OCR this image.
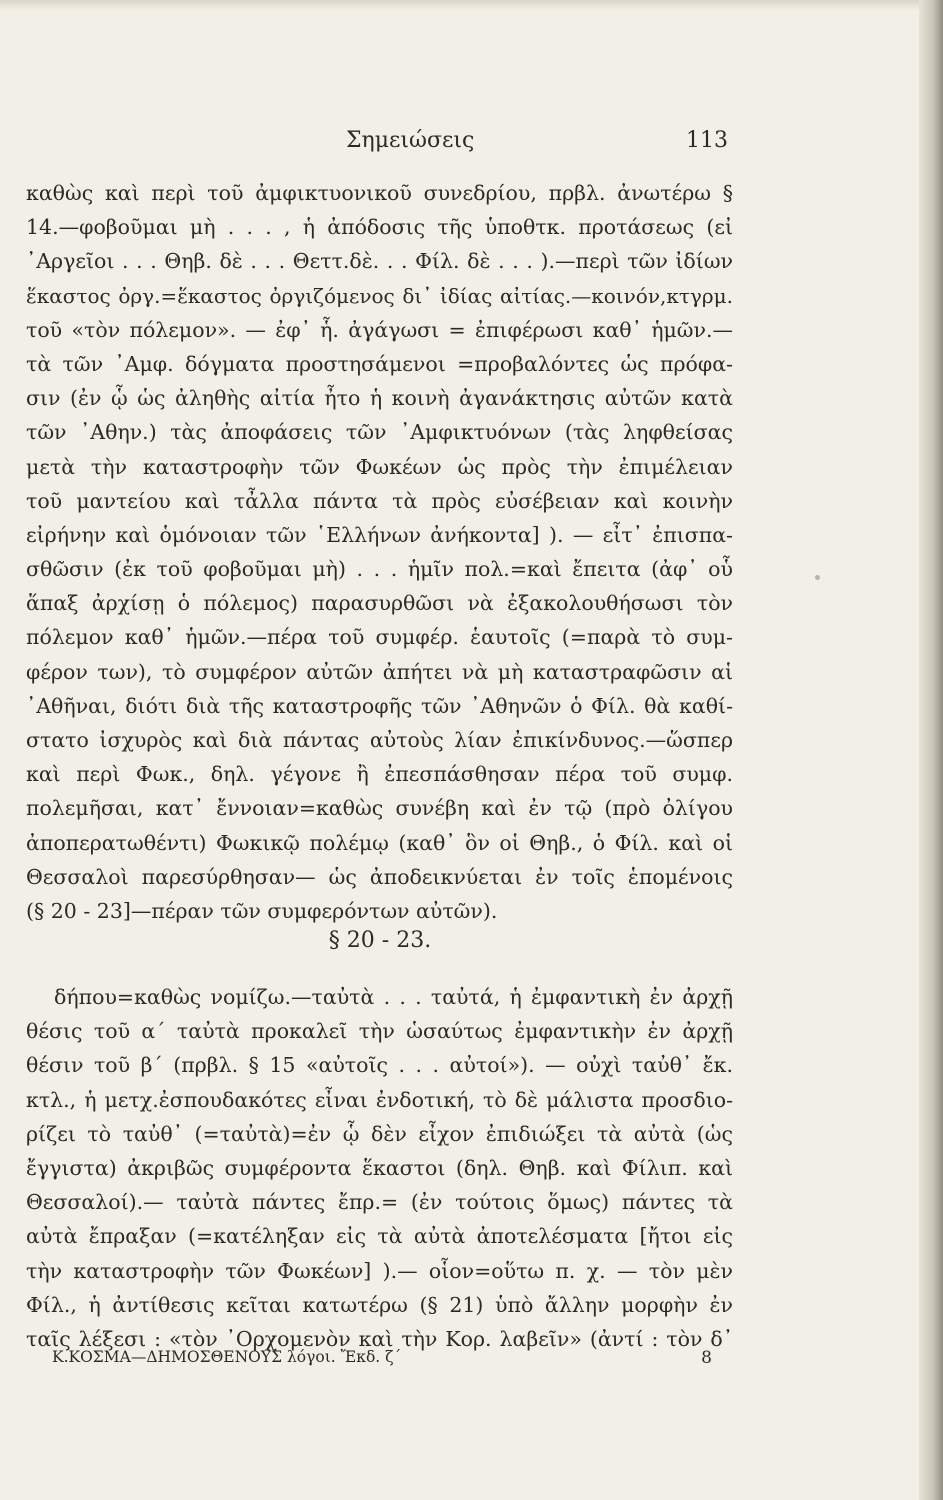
Σημειώσεις	113
καθὼς καὶ περὶ τοῦ ἀμφικτυονικοῦ συνεδρίου, πρβλ. ἀνωτέρω §
14.—φοβοῦμαι μὴ . . . , ἡ ἀπόδοσις τῆς ὑποθτκ. προτάσεως (εἰ
᾿Αργεῖοι . . . Θηβ. δὲ . . . Θεττ.δὲ. . . Φίλ. δὲ . . . ).—περὶ τῶν ἰδίων
ἕκαστος ὀργ.=ἕκαστος ὀργιζόμενος δι᾿ ἰδίας αἰτίας.—κοινόν,κτγρμ.
τοῦ «τὸν πόλεμον». — ἐφ᾿ ἧ. ἀγάγωσι = ἐπιφέρωσι καθ᾿ ἡμῶν.—
τὰ τῶν ᾿Αμφ. δόγματα προστησάμενοι =προβαλόντες ὡς πρόφα-
σιν (ἐν ᾧ ὡς ἀληθὴς αἰτία ἦτο ἡ κοινὴ ἀγανάκτησις αὐτῶν κατὰ
τῶν ᾿Αθην.) τὰς ἀποφάσεις τῶν ᾿Αμφικτυόνων (τὰς ληφθείσας
μετὰ τὴν καταστροφὴν τῶν Φωκέων ὡς πρὸς τὴν ἐπιμέλειαν
τοῦ μαντείου καὶ τἆλλα πάντα τὰ πρὸς εὐσέβειαν καὶ κοινὴν
εἰρήνην καὶ ὁμόνοιαν τῶν ῾Ελλήνων ἀνήκοντα] ). — εἶτ᾿ ἐπισπα-
σθῶσιν (ἐκ τοῦ φοβοῦμαι μὴ) . . . ἡμῖν πολ.=καὶ ἔπειτα (ἀφ᾿ οὗ
ἅπαξ ἀρχίσῃ ὁ πόλεμος) παρασυρθῶσι νὰ ἐξακολουθήσωσι τὸν
πόλεμον καθ᾿ ἡμῶν.—πέρα τοῦ συμφέρ. ἑαυτοῖς (=παρὰ τὸ συμ-
φέρον των), τὸ συμφέρον αὐτῶν ἀπήτει νὰ μὴ καταστραφῶσιν αἱ
᾿Αθῆναι, διότι διὰ τῆς καταστροφῆς τῶν ᾿Αθηνῶν ὁ Φίλ. θὰ καθί-
στατο ἰσχυρὸς καὶ διὰ πάντας αὐτοὺς λίαν ἐπικίνδυνος.—ὥσπερ
καὶ περὶ Φωκ., δηλ. γέγονε ἢ ἐπεσπάσθησαν πέρα τοῦ συμφ.
πολεμῆσαι, κατ᾿ ἔννοιαν=καθὼς συνέβη καὶ ἐν τῷ (πρὸ ὀλίγου
ἀποπερατωθέντι) Φωκικῷ πολέμῳ (καθ᾿ ὃν οἱ Θηβ., ὁ Φίλ. καὶ οἱ
Θεσσαλοὶ παρεσύρθησαν— ὡς ἀποδεικνύεται ἐν τοῖς ἑπομένοις
(§ 20 - 23]—πέραν τῶν συμφερόντων αὐτῶν).
§ 20 - 23.
δήπου=καθὼς νομίζω.—ταὐτὰ . . . ταὐτά, ἡ ἐμφαντικὴ ἐν ἀρχῇ
θέσις τοῦ α΄ ταὐτὰ προκαλεῖ τὴν ὡσαύτως ἐμφαντικὴν ἐν ἀρχῇ
θέσιν τοῦ β΄ (πρβλ. § 15 «αὐτοῖς . . . αὐτοί»). — οὐχὶ ταὐθ᾿ ἔκ.
κτλ., ἡ μετχ.ἐσπουδακότες εἶναι ἐνδοτική, τὸ δὲ μάλιστα προσδιο-
ρίζει τὸ ταὐθ᾿ (=ταὐτὰ)=ἐν ᾧ δὲν εἶχον ἐπιδιώξει τὰ αὐτὰ (ὡς
ἔγγιστα) ἀκριβῶς συμφέροντα ἕκαστοι (δηλ. Θηβ. καὶ Φίλιπ. καὶ
Θεσσαλοί).— ταὐτὰ πάντες ἔπρ.= (ἐν τούτοις ὅμως) πάντες τὰ
αὐτὰ ἔπραξαν (=κατέληξαν εἰς τὰ αὐτὰ ἀποτελέσματα [ἤτοι εἰς
τὴν καταστροφὴν τῶν Φωκέων] ).— οἷον=οὕτω π. χ. — τὸν μὲν
Φίλ., ἡ ἀντίθεσις κεῖται κατωτέρω (§ 21) ὑπὸ ἄλλην μορφὴν ἐν
ταῖς λέξεσι : «τὸν ᾿Ορχομενὸν καὶ τὴν Κορ. λαβεῖν» (ἀντί : τὸν δ᾿
Κ.ΚΟΣΜΑ—ΔΗΜΟΣΘΕΝΟΥΣ λόγοι. Ἔκδ. ζ΄	8
